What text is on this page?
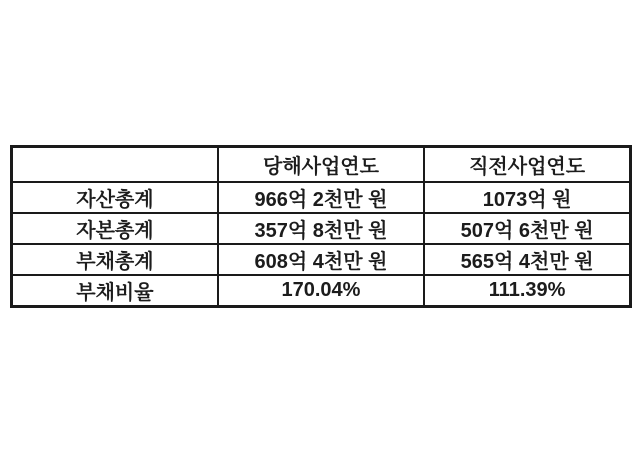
	당해사업연도	직전사업연도
자산총계	966억 2천만 원	1073억 원
자본총계	357억 8천만 원	507억 6천만 원
부채총계	608억 4천만 원	565억 4천만 원
부채비율	170.04%	111.39%
